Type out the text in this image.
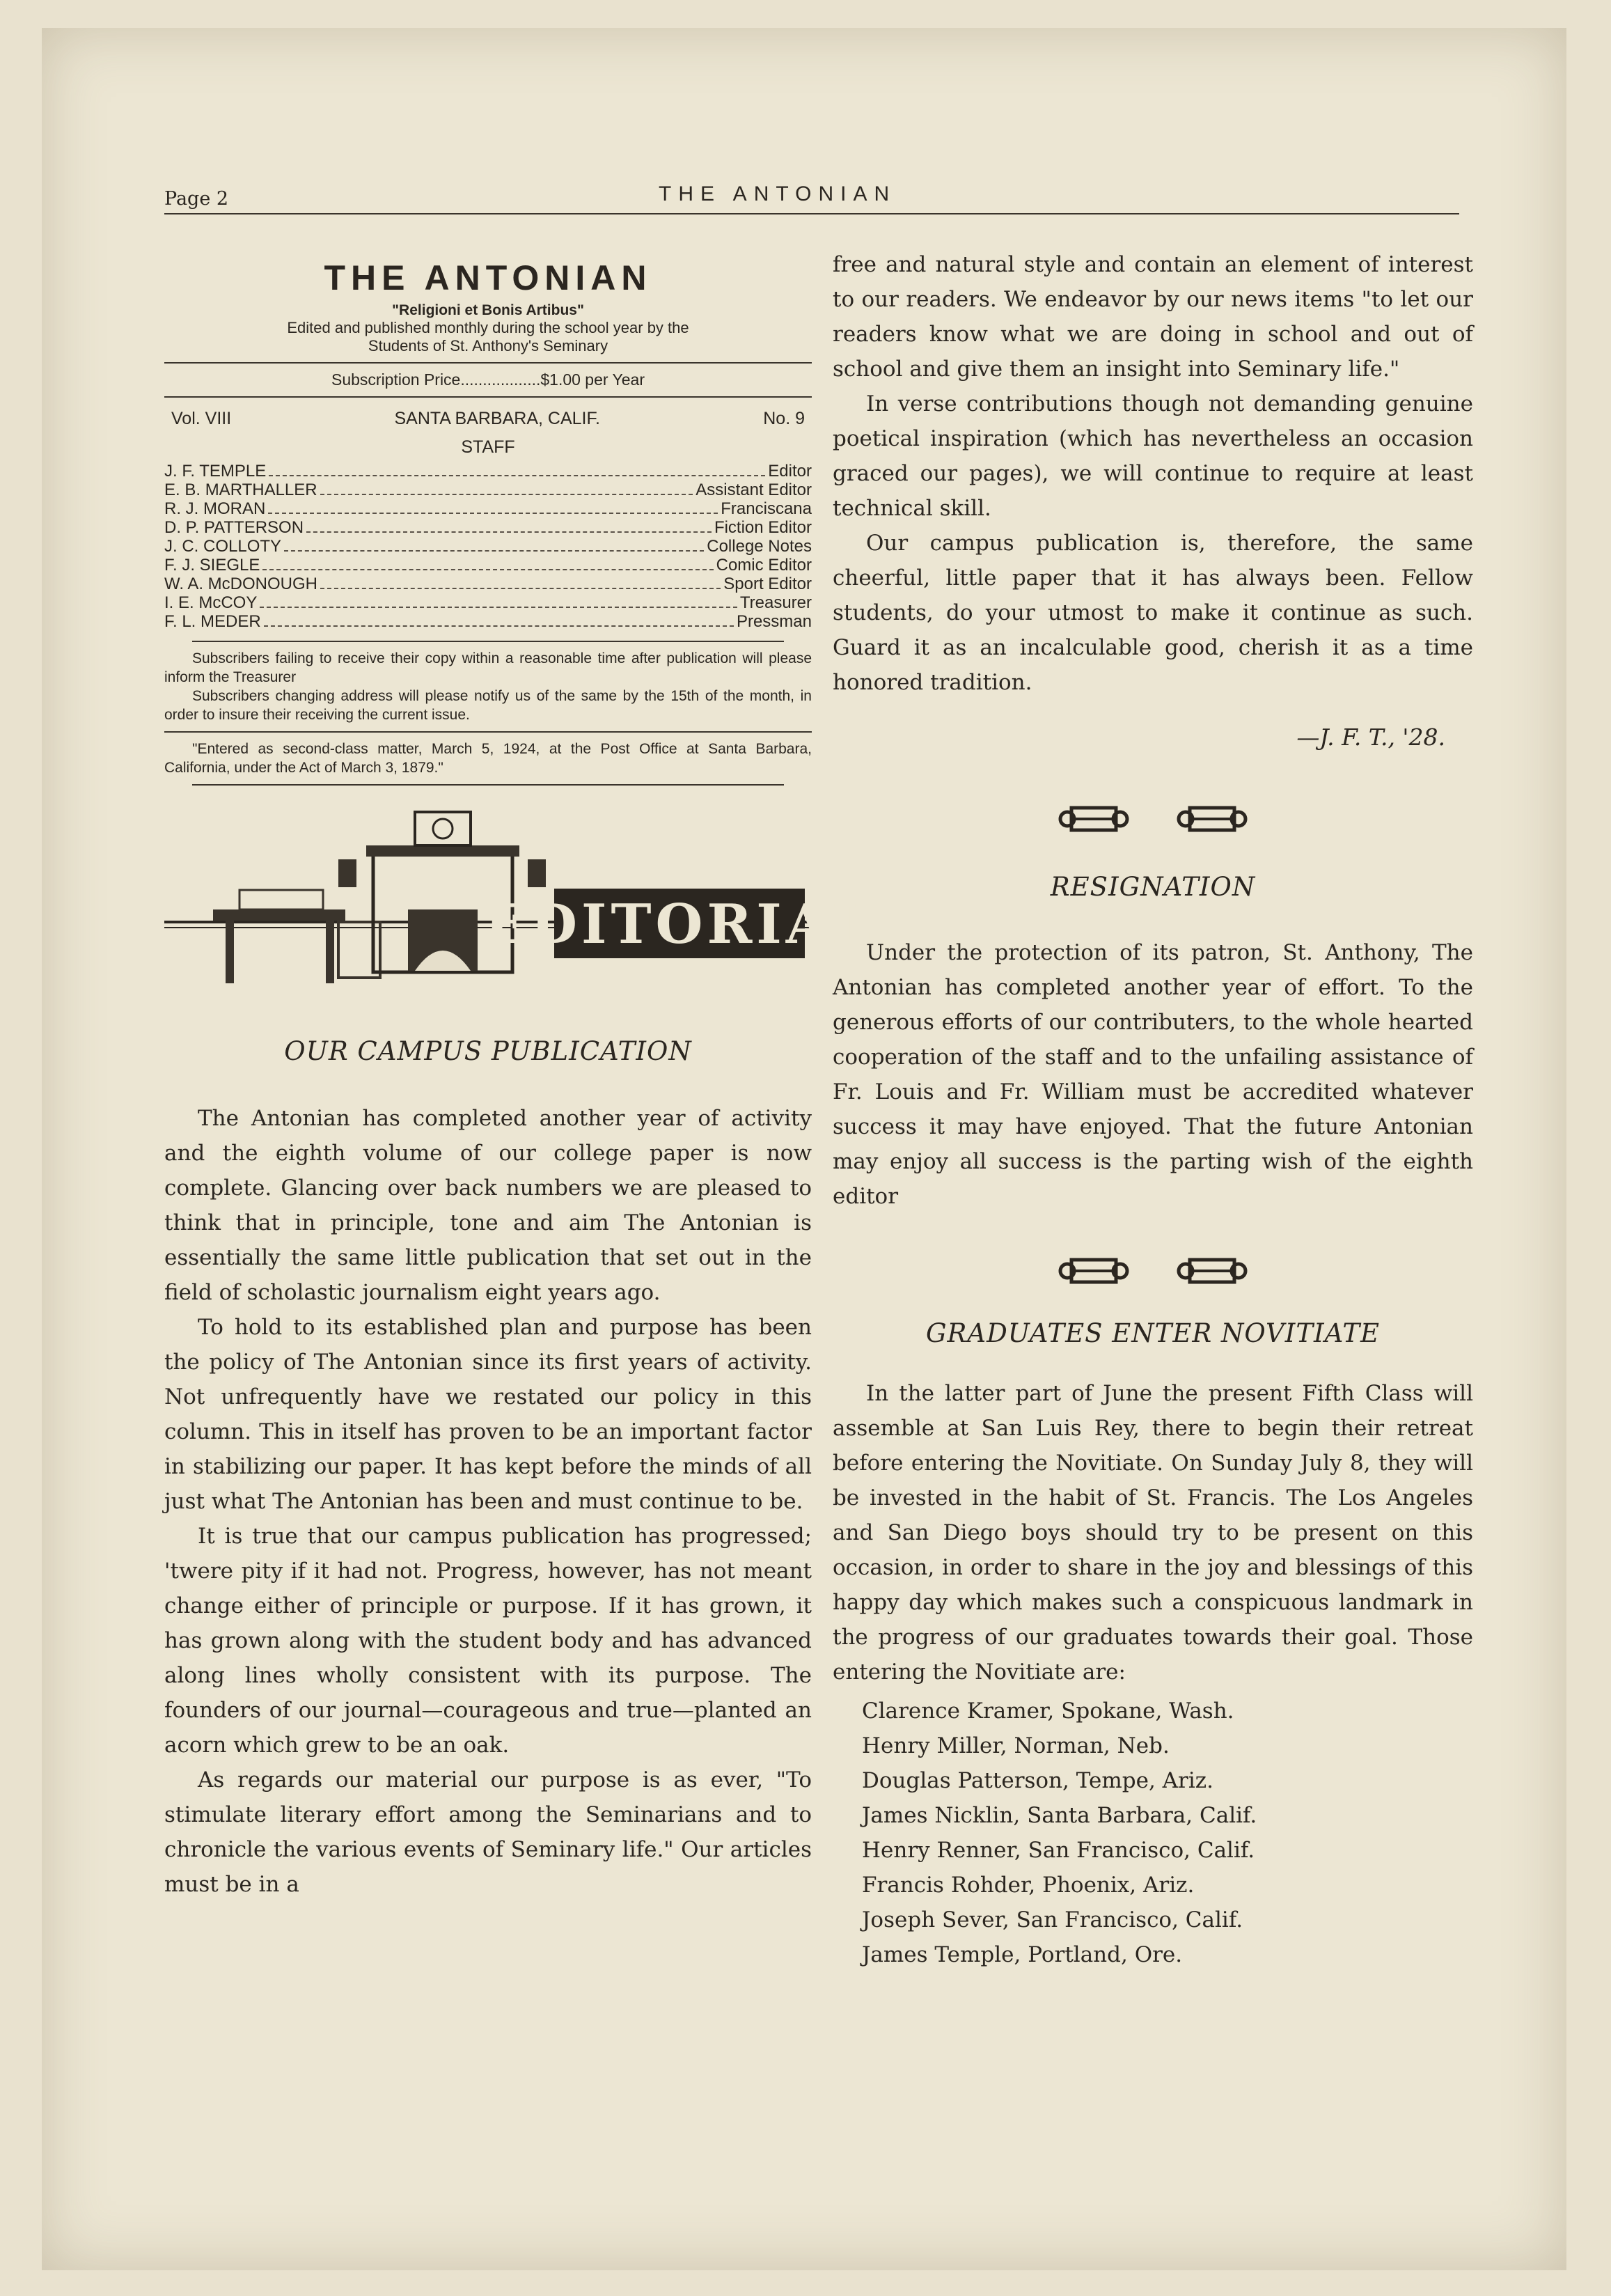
Page 2	THE ANTONIAN
THE ANTONIAN
"Religioni et Bonis Artibus"
Edited and published monthly during the school year by the
Students of St. Anthony's Seminary
Subscription Price..................$1.00 per Year
Vol. VIII	SANTA BARBARA, CALIF.	No. 9
STAFF
J. F. TEMPLE	Editor
E. B. MARTHALLER	Assistant Editor
R. J. MORAN	Franciscana
D. P. PATTERSON	Fiction Editor
J. C. COLLOTY	College Notes
F. J. SIEGLE	Comic Editor
W. A. McDONOUGH	Sport Editor
I. E. McCOY	Treasurer
F. L. MEDER	Pressman

Subscribers failing to receive their copy within a reasonable time after publication will please inform the Treasurer

Subscribers changing address will please notify us of the same by the 15th of the month, in order to insure their receiving the current issue.

"Entered as second-class matter, March 5, 1924, at the Post Office at Santa Barbara, California, under the Act of March 3, 1879."

EDITORIAL

OUR CAMPUS PUBLICATION

The Antonian has completed another year of activity and the eighth volume of our college paper is now complete. Glancing over back numbers we are pleased to think that in principle, tone and aim The Antonian is essentially the same little publication that set out in the field of scholastic journalism eight years ago.

To hold to its established plan and purpose has been the policy of The Antonian since its first years of activity. Not unfrequently have we restated our policy in this column. This in itself has proven to be an important factor in stabilizing our paper. It has kept before the minds of all just what The Antonian has been and must continue to be.

It is true that our campus publication has progressed; 'twere pity if it had not. Progress, however, has not meant change either of principle or purpose. If it has grown, it has grown along with the student body and has advanced along lines wholly consistent with its purpose. The founders of our journal—courageous and true—planted an acorn which grew to be an oak.

As regards our material our purpose is as ever, "To stimulate literary effort among the Seminarians and to chronicle the various events of Seminary life." Our articles must be in a

free and natural style and contain an element of interest to our readers. We endeavor by our news items "to let our readers know what we are doing in school and out of school and give them an insight into Seminary life."

In verse contributions though not demanding genuine poetical inspiration (which has nevertheless an occasion graced our pages), we will continue to require at least technical skill.

Our campus publication is, therefore, the same cheerful, little paper that it has always been. Fellow students, do your utmost to make it continue as such. Guard it as an incalculable good, cherish it as a time honored tradition.

—J. F. T., '28.

RESIGNATION

Under the protection of its patron, St. Anthony, The Antonian has completed another year of effort. To the generous efforts of our contributers, to the whole hearted cooperation of the staff and to the unfailing assistance of Fr. Louis and Fr. William must be accredited whatever success it may have enjoyed. That the future Antonian may enjoy all success is the parting wish of the eighth editor

GRADUATES ENTER NOVITIATE

In the latter part of June the present Fifth Class will assemble at San Luis Rey, there to begin their retreat before entering the Novitiate. On Sunday July 8, they will be invested in the habit of St. Francis. The Los Angeles and San Diego boys should try to be present on this occasion, in order to share in the joy and blessings of this happy day which makes such a conspicuous landmark in the progress of our graduates towards their goal. Those entering the Novitiate are:

Clarence Kramer, Spokane, Wash.
Henry Miller, Norman, Neb.
Douglas Patterson, Tempe, Ariz.
James Nicklin, Santa Barbara, Calif.
Henry Renner, San Francisco, Calif.
Francis Rohder, Phoenix, Ariz.
Joseph Sever, San Francisco, Calif.
James Temple, Portland, Ore.
